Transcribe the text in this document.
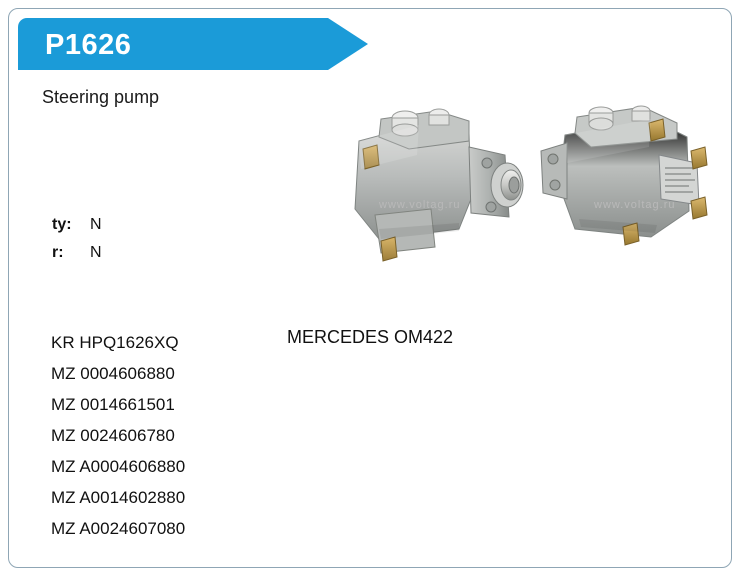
P1626
Steering pump
www.voltag.ru	www.voltag.ru
ty:	N
r:	N
KR HPQ1626XQ
MZ 0004606880
MZ 0014661501
MZ 0024606780
MZ A0004606880
MZ A0014602880
MZ A0024607080
MERCEDES OM422
